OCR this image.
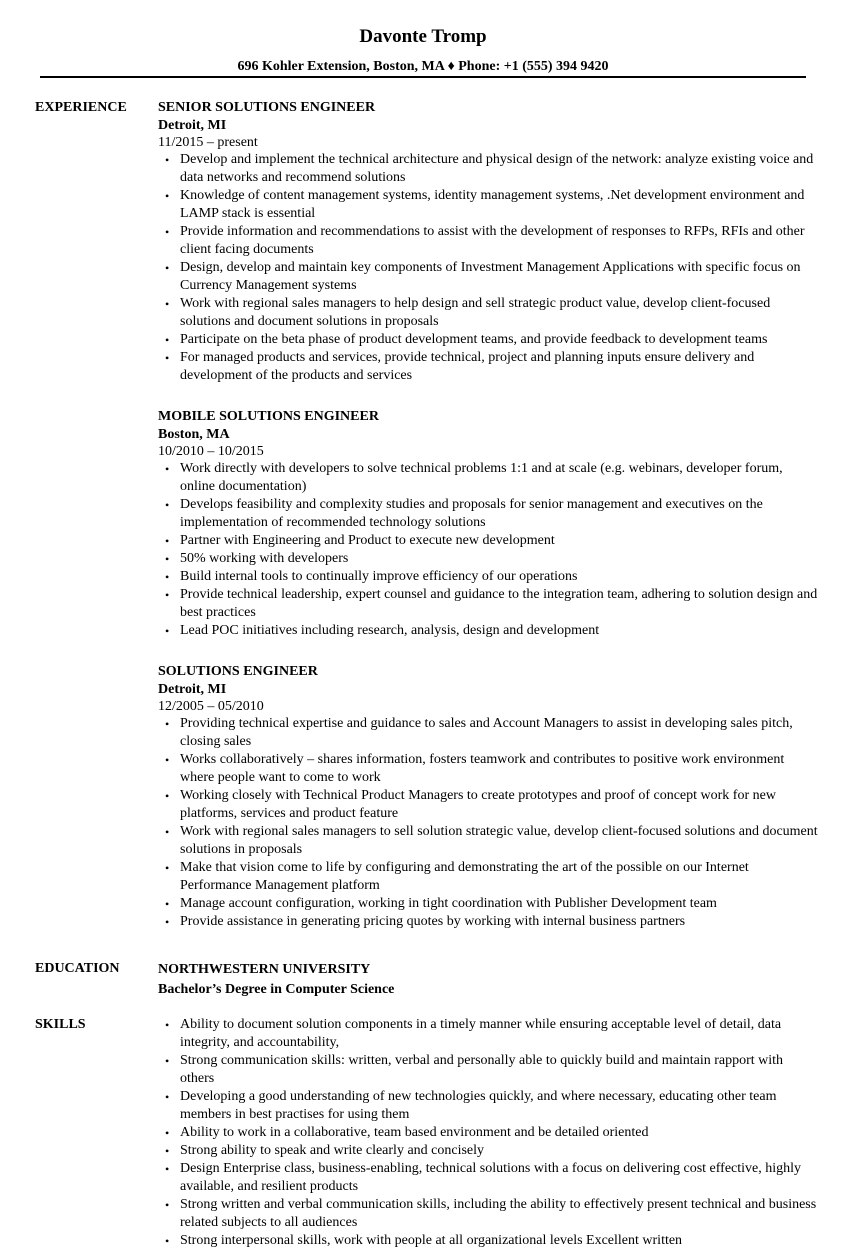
Davonte Tromp
696 Kohler Extension, Boston, MA ♦ Phone: +1 (555) 394 9420
EXPERIENCE SENIOR SOLUTIONS ENGINEER
Detroit, MI
11/2015 – present
• Develop and implement the technical architecture and physical design of the network: analyze existing voice and data networks and recommend solutions
• Knowledge of content management systems, identity management systems, .Net development environment and LAMP stack is essential
• Provide information and recommendations to assist with the development of responses to RFPs, RFIs and other client facing documents
• Design, develop and maintain key components of Investment Management Applications with specific focus on Currency Management systems
• Work with regional sales managers to help design and sell strategic product value, develop client-focused solutions and document solutions in proposals
• Participate on the beta phase of product development teams, and provide feedback to development teams
• For managed products and services, provide technical, project and planning inputs ensure delivery and development of the products and services
MOBILE SOLUTIONS ENGINEER
Boston, MA
10/2010 – 10/2015
• Work directly with developers to solve technical problems 1:1 and at scale (e.g. webinars, developer forum, online documentation)
• Develops feasibility and complexity studies and proposals for senior management and executives on the implementation of recommended technology solutions
• Partner with Engineering and Product to execute new development
• 50% working with developers
• Build internal tools to continually improve efficiency of our operations
• Provide technical leadership, expert counsel and guidance to the integration team, adhering to solution design and best practices
• Lead POC initiatives including research, analysis, design and development
SOLUTIONS ENGINEER
Detroit, MI
12/2005 – 05/2010
• Providing technical expertise and guidance to sales and Account Managers to assist in developing sales pitch, closing sales
• Works collaboratively – shares information, fosters teamwork and contributes to positive work environment where people want to come to work
• Working closely with Technical Product Managers to create prototypes and proof of concept work for new platforms, services and product feature
• Work with regional sales managers to sell solution strategic value, develop client-focused solutions and document solutions in proposals
• Make that vision come to life by configuring and demonstrating the art of the possible on our Internet Performance Management platform
• Manage account configuration, working in tight coordination with Publisher Development team
• Provide assistance in generating pricing quotes by working with internal business partners
EDUCATION	NORTHWESTERN UNIVERSITY
Bachelor’s Degree in Computer Science
SKILLS	• Ability to document solution components in a timely manner while ensuring acceptable level of detail, data integrity, and accountability,
• Strong communication skills: written, verbal and personally able to quickly build and maintain rapport with others
• Developing a good understanding of new technologies quickly, and where necessary, educating other team members in best practises for using them
• Ability to work in a collaborative, team based environment and be detailed oriented
• Strong ability to speak and write clearly and concisely
• Design Enterprise class, business-enabling, technical solutions with a focus on delivering cost effective, highly available, and resilient products
• Strong written and verbal communication skills, including the ability to effectively present technical and business related subjects to all audiences
• Strong interpersonal skills, work with people at all organizational levels Excellent written
